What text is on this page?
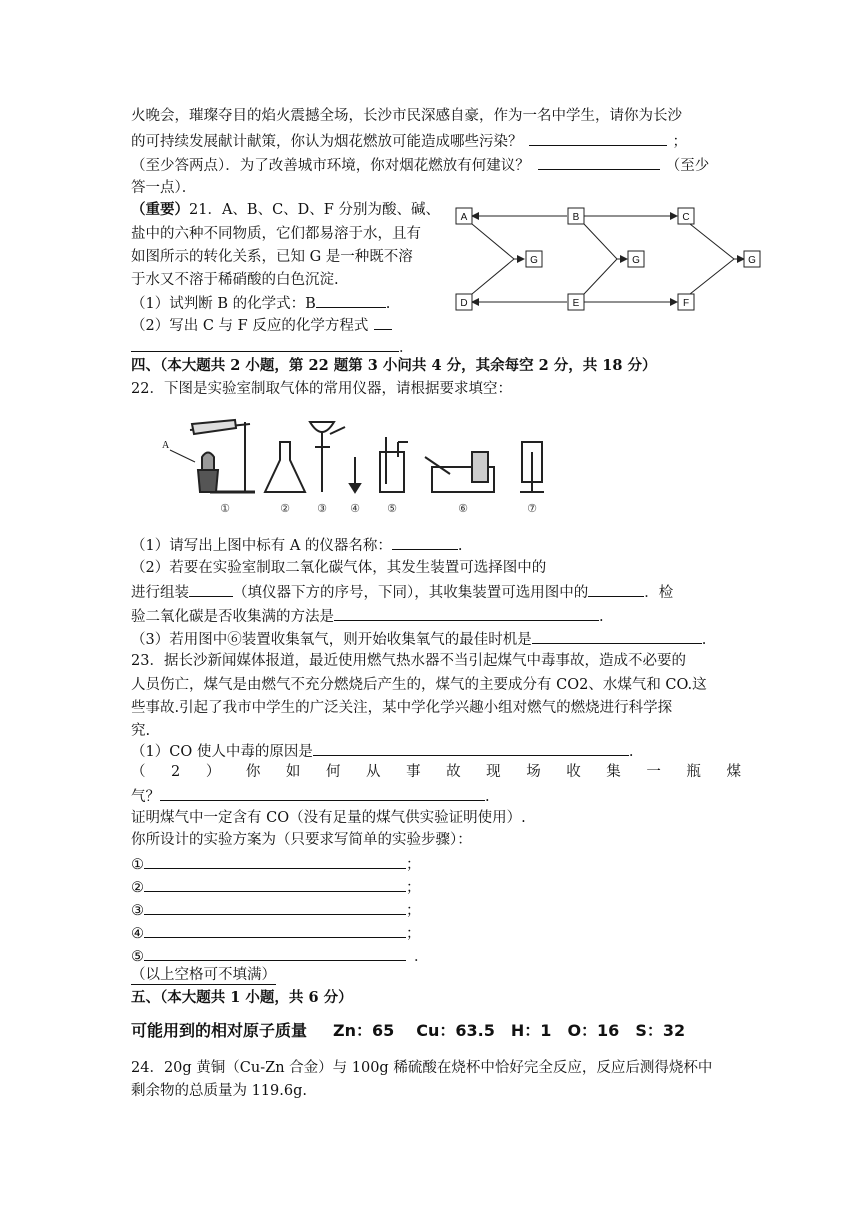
火晚会，璀璨夺目的焰火震撼全场，长沙市民深感自豪，作为一名中学生，请你为长沙
的可持续发展献计献策，你认为烟花燃放可能造成哪些污染？	；
（至少答两点）．为了改善城市环境，你对烟花燃放有何建议？	（至少
答一点）．
（重要）21．A、B、C、D、F 分别为酸、碱、
盐中的六种不同物质，它们都易溶于水，且有
如图所示的转化关系，已知 G 是一种既不溶
于水又不溶于稀硝酸的白色沉淀.
（1）试判断 B 的化学式：B	.
（2）写出 C 与 F 反应的化学方程式
．
A	B	C
G	G	G
D	E	F
四、（本大题共 2 小题，第 22 题第 3 小问共 4 分，其余每空 2 分，共 18 分）
22．下图是实验室制取气体的常用仪器，请根据要求填空：
A
①	② ③ ④ ⑤	⑥	⑦
（1）请写出上图中标有 A 的仪器名称：	.
（2）若要在实验室制取二氧化碳气体，其发生装置可选择图中的
进行组装	（填仪器下方的序号，下同），其收集装置可选用图中的	．检
验二氧化碳是否收集满的方法是	.
（3）若用图中⑥装置收集氧气，则开始收集氧气的最佳时机是	.
23．据长沙新闻媒体报道，最近使用燃气热水器不当引起煤气中毒事故，造成不必要的
人员伤亡，煤气是由燃气不充分燃烧后产生的，煤气的主要成分有 CO2、水煤气和 CO.这
些事故.引起了我市中学生的广泛关注，某中学化学兴趣小组对燃气的燃烧进行科学探
究.
（1）CO 使人中毒的原因是	.
（ 2 ） 你 如 何 从 事 故 现 场 收 集 一 瓶 煤
气？	.
证明煤气中一定含有 CO（没有足量的煤气供实验证明使用）.
你所设计的实验方案为（只要求写简单的实验步骤）：
①	；
②	；
③	；
④	；
⑤	．
（以上空格可不填满）
五、（本大题共 1 小题，共 6 分）
可能用到的相对原子质量 Zn：65 Cu：63.5 H：1 O：16 S：32
24．20g 黄铜（Cu-Zn 合金）与 100g 稀硫酸在烧杯中恰好完全反应，反应后测得烧杯中
剩余物的总质量为 119.6g.
